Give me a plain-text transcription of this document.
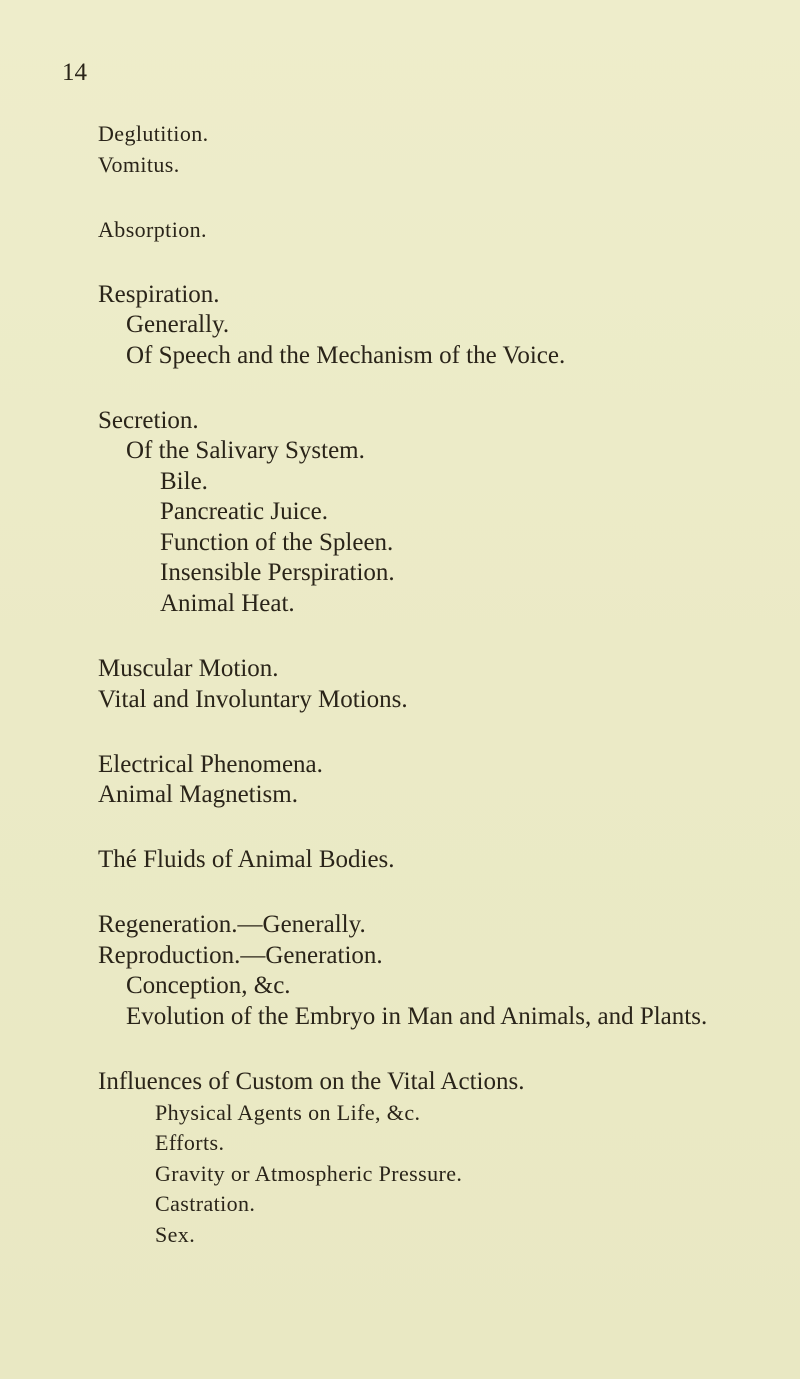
14
Deglutition.
Vomitus.
Absorption.
Respiration.
Generally.
Of Speech and the Mechanism of the Voice.
Secretion.
Of the Salivary System.
Bile.
Pancreatic Juice.
Function of the Spleen.
Insensible Perspiration.
Animal Heat.
Muscular Motion.
Vital and Involuntary Motions.
Electrical Phenomena.
Animal Magnetism.
Thé Fluids of Animal Bodies.
Regeneration.—Generally.
Reproduction.—Generation.
Conception, &c.
Evolution of the Embryo in Man and Animals, and Plants.
Influences of Custom on the Vital Actions.
Physical Agents on Life, &c.
Efforts.
Gravity or Atmospheric Pressure.
Castration.
Sex.
